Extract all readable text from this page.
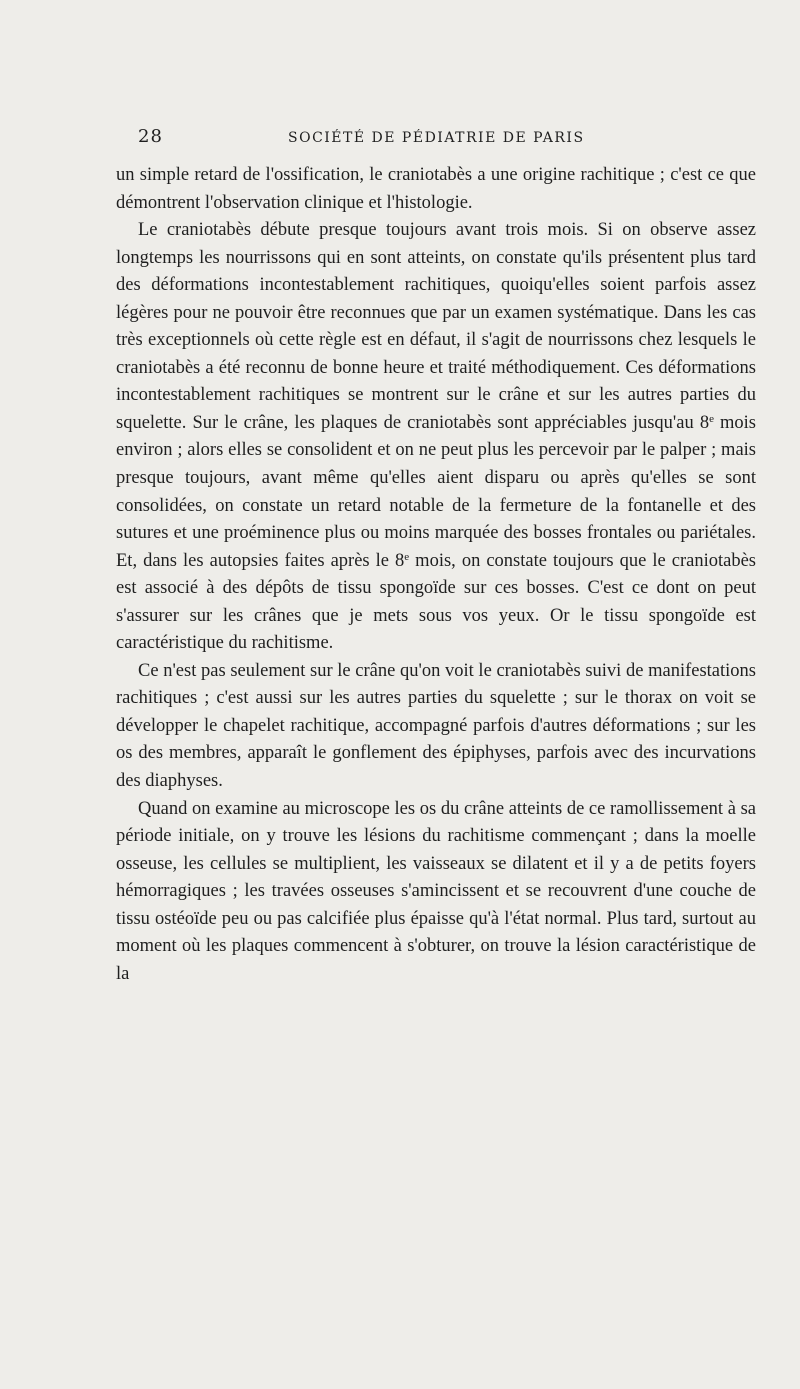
28	SOCIÉTÉ DE PÉDIATRIE DE PARIS

un simple retard de l'ossification, le craniotabès a une origine rachitique ; c'est ce que démontrent l'observation clinique et l'histologie.

Le craniotabès débute presque toujours avant trois mois. Si on observe assez longtemps les nourrissons qui en sont atteints, on constate qu'ils présentent plus tard des déformations incontestablement rachitiques, quoiqu'elles soient parfois assez légères pour ne pouvoir être reconnues que par un examen systématique. Dans les cas très exceptionnels où cette règle est en défaut, il s'agit de nourrissons chez lesquels le craniotabès a été reconnu de bonne heure et traité méthodiquement. Ces déformations incontestablement rachitiques se montrent sur le crâne et sur les autres parties du squelette. Sur le crâne, les plaques de craniotabès sont appréciables jusqu'au 8e mois environ ; alors elles se consolident et on ne peut plus les percevoir par le palper ; mais presque toujours, avant même qu'elles aient disparu ou après qu'elles se sont consolidées, on constate un retard notable de la fermeture de la fontanelle et des sutures et une proéminence plus ou moins marquée des bosses frontales ou pariétales. Et, dans les autopsies faites après le 8e mois, on constate toujours que le craniotabès est associé à des dépôts de tissu spongoïde sur ces bosses. C'est ce dont on peut s'assurer sur les crânes que je mets sous vos yeux. Or le tissu spongoïde est caractéristique du rachitisme.

Ce n'est pas seulement sur le crâne qu'on voit le craniotabès suivi de manifestations rachitiques ; c'est aussi sur les autres parties du squelette ; sur le thorax on voit se développer le chapelet rachitique, accompagné parfois d'autres déformations ; sur les os des membres, apparaît le gonflement des épiphyses, parfois avec des incurvations des diaphyses.

Quand on examine au microscope les os du crâne atteints de ce ramollissement à sa période initiale, on y trouve les lésions du rachitisme commençant ; dans la moelle osseuse, les cellules se multiplient, les vaisseaux se dilatent et il y a de petits foyers hémorragiques ; les travées osseuses s'amincissent et se recouvrent d'une couche de tissu ostéoïde peu ou pas calcifiée plus épaisse qu'à l'état normal. Plus tard, surtout au moment où les plaques commencent à s'obturer, on trouve la lésion caractéristique de la
